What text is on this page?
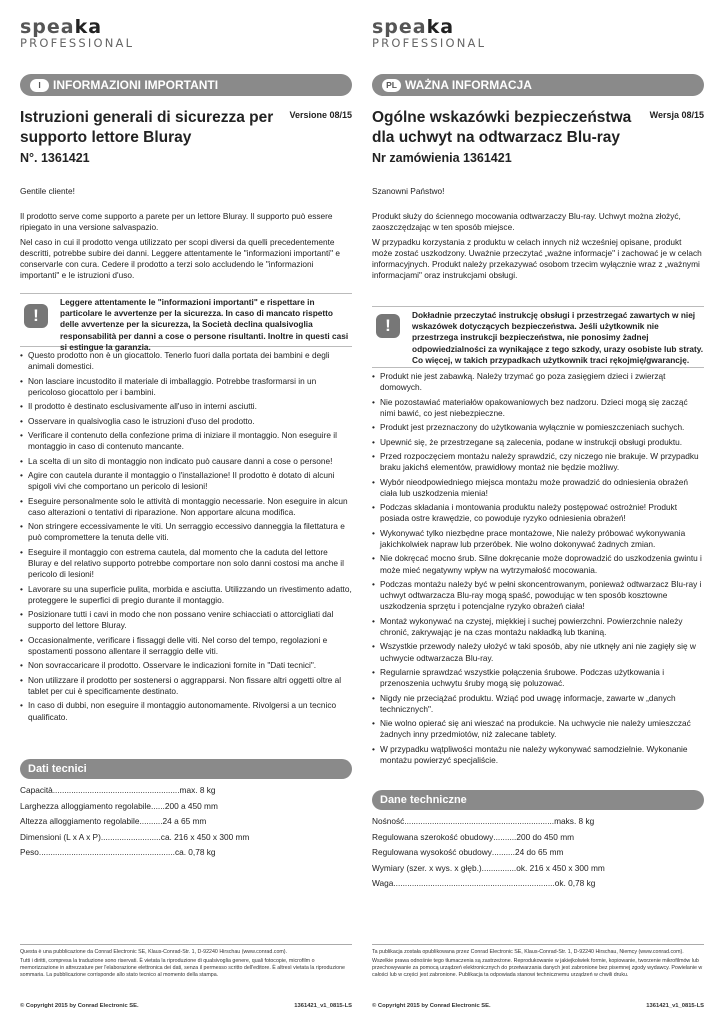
speaka
PROFESSIONAL
I	INFORMAZIONI IMPORTANTI
Istruzioni generali di sicurezza per supporto lettore Bluray
Versione 08/15
N°. 1361421

Gentile cliente!

Il prodotto serve come supporto a parete per un lettore Bluray. Il supporto può essere ripiegato in una versione salvaspazio.

Nel caso in cui il prodotto venga utilizzato per scopi diversi da quelli precedentemente descritti, potrebbe subire dei danni. Leggere attentamente le "informazioni importanti" e conservarle con cura. Cedere il prodotto a terzi solo accludendo le "informazioni importanti" e le istruzioni d'uso.

!
Leggere attentamente le "informazioni importanti" e rispettare in particolare le avvertenze per la sicurezza. In caso di mancato rispetto delle avvertenze per la sicurezza, la Società declina qualsivoglia responsabilità per danni a cose o persone risultanti. Inoltre in questi casi si estingue la garanzia.
• Questo prodotto non è un giocattolo. Tenerlo fuori dalla portata dei bambini e degli animali domestici.
• Non lasciare incustodito il materiale di imballaggio. Potrebbe trasformarsi in un pericoloso giocattolo per i bambini.
• Il prodotto è destinato esclusivamente all'uso in interni asciutti.
• Osservare in qualsivoglia caso le istruzioni d'uso del prodotto.
• Verificare il contenuto della confezione prima di iniziare il montaggio. Non eseguire il montaggio in caso di contenuto mancante.
• La scelta di un sito di montaggio non indicato può causare danni a cose o persone!
• Agire con cautela durante il montaggio o l'installazione! Il prodotto è dotato di alcuni spigoli vivi che comportano un pericolo di lesioni!
• Eseguire personalmente solo le attività di montaggio necessarie. Non eseguire in alcun caso alterazioni o tentativi di riparazione. Non apportare alcuna modifica.
• Non stringere eccessivamente le viti. Un serraggio eccessivo danneggia la filettatura e può compromettere la tenuta delle viti.
• Eseguire il montaggio con estrema cautela, dal momento che la caduta del lettore Bluray e del relativo supporto potrebbe comportare non solo danni costosi ma anche il pericolo di lesioni!
• Lavorare su una superficie pulita, morbida e asciutta. Utilizzando un rivestimento adatto, proteggere le superfici di pregio durante il montaggio.
• Posizionare tutti i cavi in modo che non possano venire schiacciati o attorcigliati dal supporto del lettore Bluray.
• Occasionalmente, verificare i fissaggi delle viti. Nel corso del tempo, regolazioni e spostamenti possono allentare il serraggio delle viti.
• Non sovraccaricare il prodotto. Osservare le indicazioni fornite in "Dati tecnici".
• Non utilizzare il prodotto per sostenersi o aggrapparsi. Non fissare altri oggetti oltre al tablet per cui è specificamente destinato.
• In caso di dubbi, non eseguire il montaggio autonomamente. Rivolgersi a un tecnico qualificato.
Dati tecnici
Capacità ....................................................... max. 8 kg
Larghezza alloggiamento regolabile ...... 200 a 450 mm
Altezza alloggiamento regolabile .......... 24 a 65 mm
Dimensioni (L x A x P) .......................... ca. 216 x 450 x 300 mm
Peso ........................................................... ca. 0,78 kg

Questa è una pubblicazione da Conrad Electronic SE, Klaus-Conrad-Str. 1, D-92240 Hirschau (www.conrad.com).

Tutti i diritti, compresa la traduzione sono riservati. È vietata la riproduzione di qualsivoglia genere, quali fotocopie, microfilm o memorizzazione in attrezzature per l'elaborazione elettronica dei dati, senza il permesso scritto dell'editore. È altresì vietata la riproduzione sommaria. La pubblicazione corrisponde allo stato tecnico al momento della stampa.

© Copyright 2015 by Conrad Electronic SE.	1361421_v1_0815-LS
speaka
PROFESSIONAL
PL WAŻNA INFORMACJA
Ogólne wskazówki bezpieczeństwa dla uchwyt na odtwarzacz Blu-ray
Wersja 08/15
Nr zamówienia 1361421

Szanowni Państwo!

Produkt służy do ściennego mocowania odtwarzaczy Blu-ray. Uchwyt można złożyć, zaoszczędzając w ten sposób miejsce.

W przypadku korzystania z produktu w celach innych niż wcześniej opisane, produkt może zostać uszkodzony. Uważnie przeczytać „ważne informacje" i zachować je w celach informacyjnych. Produkt należy przekazywać osobom trzecim wyłącznie wraz z „ważnymi informacjami" oraz instrukcjami obsługi.

!
Dokładnie przeczytać instrukcję obsługi i przestrzegać zawartych w niej wskazówek dotyczących bezpieczeństwa. Jeśli użytkownik nie przestrzega instrukcji bezpieczeństwa, nie ponosimy żadnej odpowiedzialności za wynikające z tego szkody, urazy osobiste lub straty. Co więcej, w takich przypadkach użytkownik traci rękojmię/gwarancję.
• Produkt nie jest zabawką. Należy trzymać go poza zasięgiem dzieci i zwierząt domowych.
• Nie pozostawiać materiałów opakowaniowych bez nadzoru. Dzieci mogą się zacząć nimi bawić, co jest niebezpieczne.
• Produkt jest przeznaczony do użytkowania wyłącznie w pomieszczeniach suchych.
• Upewnić się, że przestrzegane są zalecenia, podane w instrukcji obsługi produktu.
• Przed rozpoczęciem montażu należy sprawdzić, czy niczego nie brakuje. W przypadku braku jakichś elementów, prawidłowy montaż nie będzie możliwy.
• Wybór nieodpowiedniego miejsca montażu może prowadzić do odniesienia obrażeń ciała lub uszkodzenia mienia!
• Podczas składania i montowania produktu należy postępować ostrożnie! Produkt posiada ostre krawędzie, co powoduje ryzyko odniesienia obrażeń!
• Wykonywać tylko niezbędne prace montażowe, Nie należy próbować wykonywania jakichkolwiek napraw lub przeróbek. Nie wolno dokonywać żadnych zmian.
• Nie dokręcać mocno śrub. Silne dokręcanie może doprowadzić do uszkodzenia gwintu i może mieć negatywny wpływ na wytrzymałość mocowania.
• Podczas montażu należy być w pełni skoncentrowanym, ponieważ odtwarzacz Blu-ray i uchwyt odtwarzacza Blu-ray mogą spaść, powodując w ten sposób kosztowne uszkodzenia sprzętu i potencjalne ryzyko obrażeń ciała!
• Montaż wykonywać na czystej, miękkiej i suchej powierzchni. Powierzchnie należy chronić, zakrywając je na czas montażu nakładką lub tkaniną.
• Wszystkie przewody należy ułożyć w taki sposób, aby nie utknęły ani nie zagięły się w uchwycie odtwarzacza Blu-ray.
• Regularnie sprawdzać wszystkie połączenia śrubowe. Podczas użytkowania i przenoszenia uchwytu śruby mogą się poluzować.
• Nigdy nie przeciążać produktu. Wziąć pod uwagę informacje, zawarte w „danych technicznych".
• Nie wolno opierać się ani wieszać na produkcie. Na uchwycie nie należy umieszczać żadnych inny przedmiotów, niż zalecane tablety.
• W przypadku wątpliwości montażu nie należy wykonywać samodzielnie. Wykonanie montażu powierzyć specjaliście.
Dane techniczne
Nośność ................................................................. maks. 8 kg
Regulowana szerokość obudowy .......... 200 do 450 mm
Regulowana wysokość obudowy .......... 24 do 65 mm
Wymiary (szer. x wys. x głęb.) ............... ok. 216 x 450 x 300 mm
Waga ...................................................................... ok. 0,78 kg

Ta publikacja została opublikowana przez Conrad Electronic SE, Klaus-Conrad-Str. 1, D-92240 Hirschau, Niemcy (www.conrad.com).

Wszelkie prawa odnośnie tego tłumaczenia są zastrzeżone. Reprodukowanie w jakiejkolwiek formie, kopiowanie, tworzenie mikrofilmów lub przechowywanie za pomocą urządzeń elektronicznych do przetwarzania danych jest zabronione bez pisemnej zgody wydawcy. Powielanie w całości lub w części jest zabronione. Publikacja ta odpowiada stanowi technicznemu urządzeń w chwili druku.

© Copyright 2015 by Conrad Electronic SE.	1361421_v1_0815-LS
